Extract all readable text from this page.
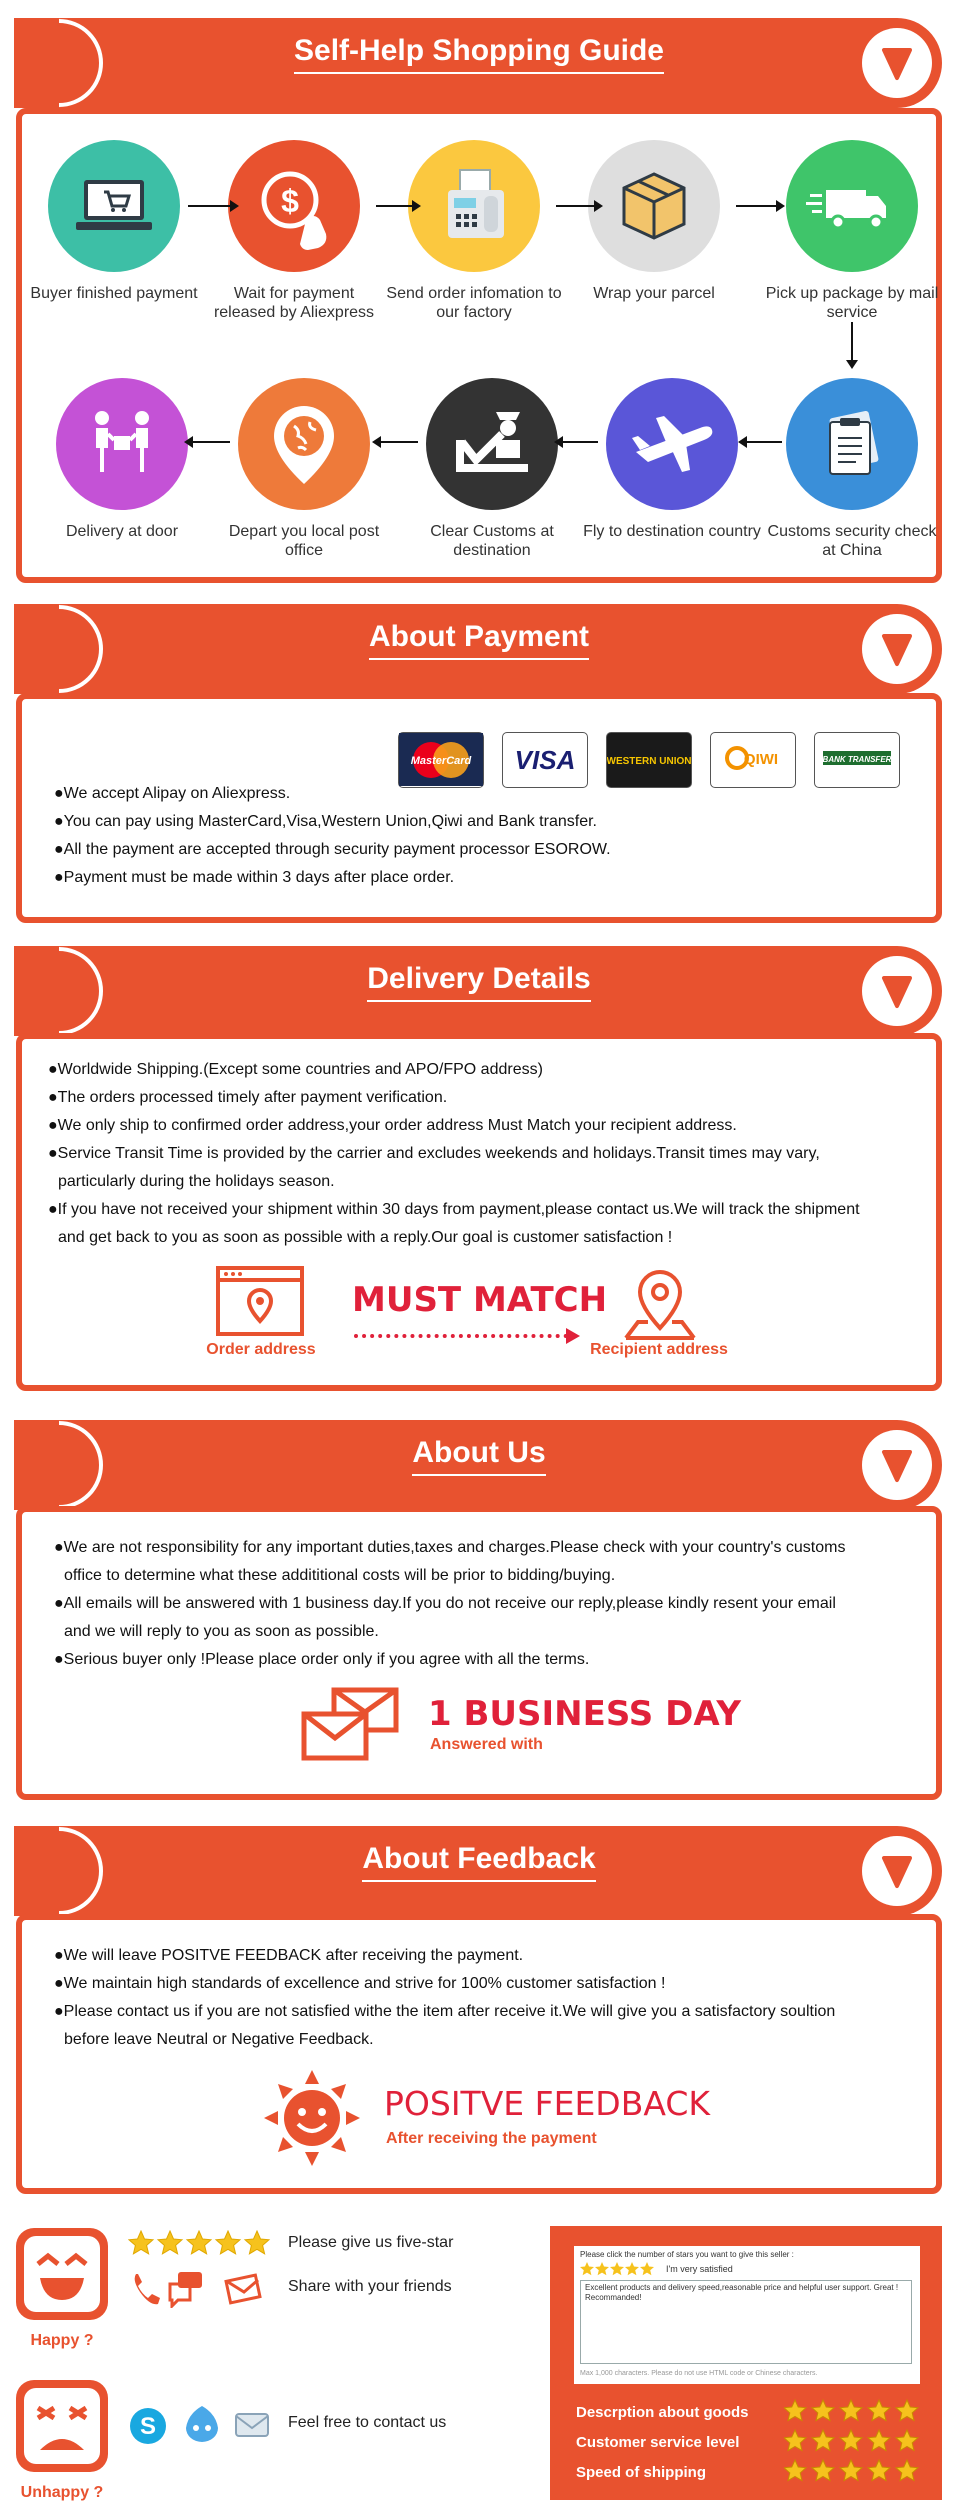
Self-Help Shopping Guide
Buyer finished payment
$
Wait for payment released by Aliexpress
Send order infomation to our factory
Wrap your parcel	Pick up package by mail service
Customs security check at China
Fly to destination country
Clear Customs at destination
Depart you local post office
Delivery at door
About Payment
MasterCard VISA	WESTERN UNION	QIWI	BANK TRANSFER

●We accept Alipay on Aliexpress.

●You can pay using MasterCard,Visa,Western Union,Qiwi and Bank transfer.

●All the payment are accepted through security payment processor ESOROW.

●Payment must be made within 3 days after place order.

Delivery Details

●Worldwide Shipping.(Except some countries and APO/FPO address)

●The orders processed timely after payment verification.

●We only ship to confirmed order address,your order address Must Match your recipient address.

●Service Transit Time is provided by the carrier and excludes weekends and holidays.Transit times may vary,

particularly during the holidays season.

●If you have not received your shipment within 30 days from payment,please contact us.We will track the shipment

and get back to you as soon as possible with a reply.Our goal is customer satisfaction !

Order address
MUST MATCH
Recipient address
About Us

●We are not responsibility for any important duties,taxes and charges.Please check with your country's customs

office to determine what these addititional costs will be prior to bidding/buying.

●All emails will be answered with 1 business day.If you do not receive our reply,please kindly resent your email

and we will reply to you as soon as possible.

●Serious buyer only !Please place order only if you agree with all the terms.

1 BUSINESS DAY
Answered with
About Feedback

●We will leave POSITVE FEEDBACK after receiving the payment.

●We maintain high standards of excellence and strive for 100% customer satisfaction !

●Please contact us if you are not satisfied withe the item after receive it.We will give you a satisfactory soultion

before leave Neutral or Negative Feedback.

POSITVE FEEDBACK
After receiving the payment
Happy ?
Please give us five-star
Share with your friends
Unhappy ?
S	Feel free to contact us
Please click the number of stars you want to give this seller :
I'm very satisfied
Excellent products and delivery speed,reasonable price and helpful user support. Great ! Recommanded!
Max 1,000 characters. Please do not use HTML code or Chinese characters.
Descrption about goods
Customer service level
Speed of shipping
